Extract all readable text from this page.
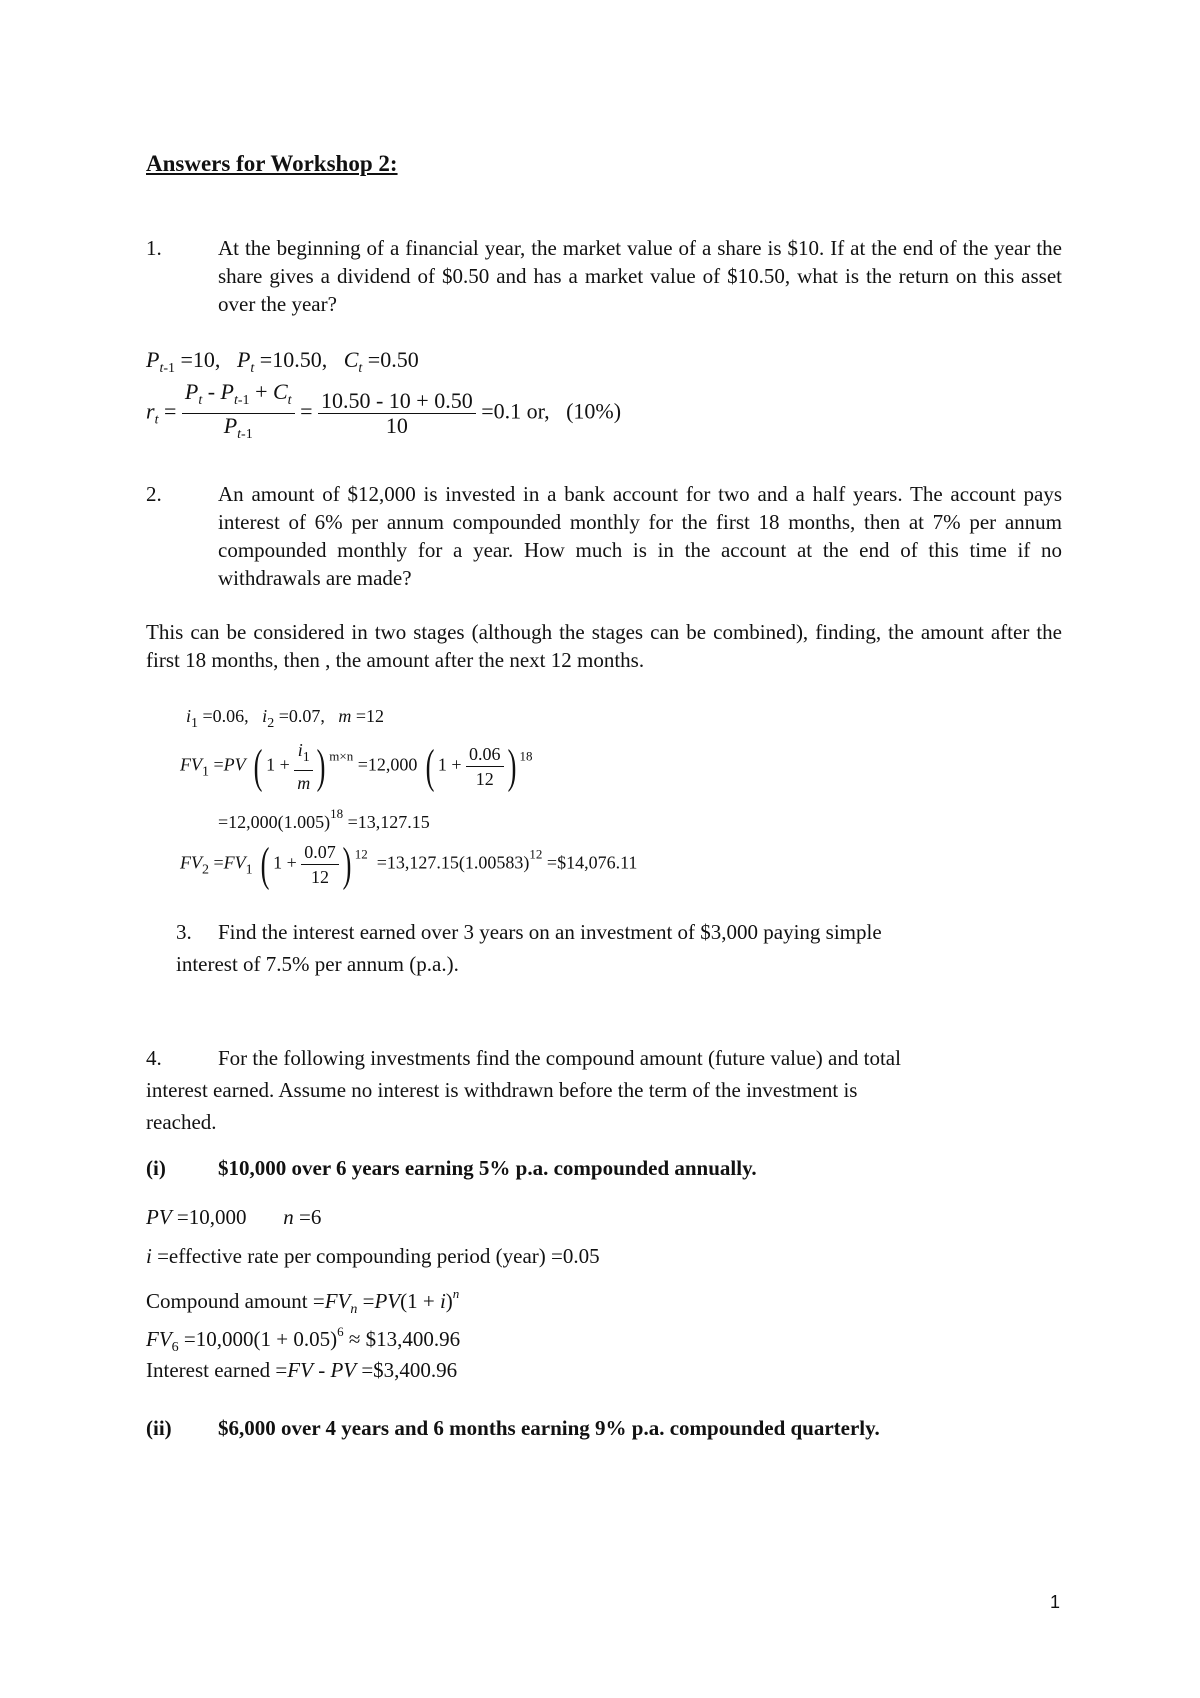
Answers for Workshop 2:
1.	At the beginning of a financial year, the market value of a share is $10. If at the end of the year the share gives a dividend of $0.50 and has a market value of $10.50, what is the return on this asset over the year?
$P_{t-1} =10$, $P_t =10.50$, $C_t =0.50$
$r_t = \frac{P_t - P_{t-1} + C_t}{P_{t-1}} = \frac{10.50 - 10 + 0.50}{10} =0.1$ or, (10%)
2.	An amount of $12,000 is invested in a bank account for two and a half years. The account pays interest of 6% per annum compounded monthly for the first 18 months, then at 7% per annum compounded monthly for a year. How much is in the account at the end of this time if no withdrawals are made?
This can be considered in two stages (although the stages can be combined), finding, the amount after the first 18 months, then , the amount after the next 12 months.
$i_1 =0.06$, $i_2 =0.07$, m =12
$FV_1 =PV$ ( $1 + \frac{i_1}{m}$ ) $^{m\times n}$ =12,000 ( $1 + \frac{0.06}{12}$ ) $^{18}$
$=12,000(1.005)^{18} =13,127.15$
$FV_2 =FV_1$ ( $1 + \frac{0.07}{12}$ ) $^{12} =13,127.15(1.00583)^{12}$ =$14,076.11
3. Find the interest earned over 3 years on an investment of $3,000 paying simple
interest of 7.5% per annum (p.a.).
4.	For the following investments find the compound amount (future value) and total
interest earned. Assume no interest is withdrawn before the term of the investment is
reached.
(i) $10,000 over 6 years earning 5% p.a. compounded annually.
PV =10,000 n =6
i =effective rate per compounding period (year) =0.05
Compound amount $=FV_n =PV(1 + i)^n$
$FV_6 =10,000(1 + 0.05)^6$ ≈ $13,400.96
Interest earned =FV - PV =$3,400.96
(ii) $6,000 over 4 years and 6 months earning 9% p.a. compounded quarterly.
1
